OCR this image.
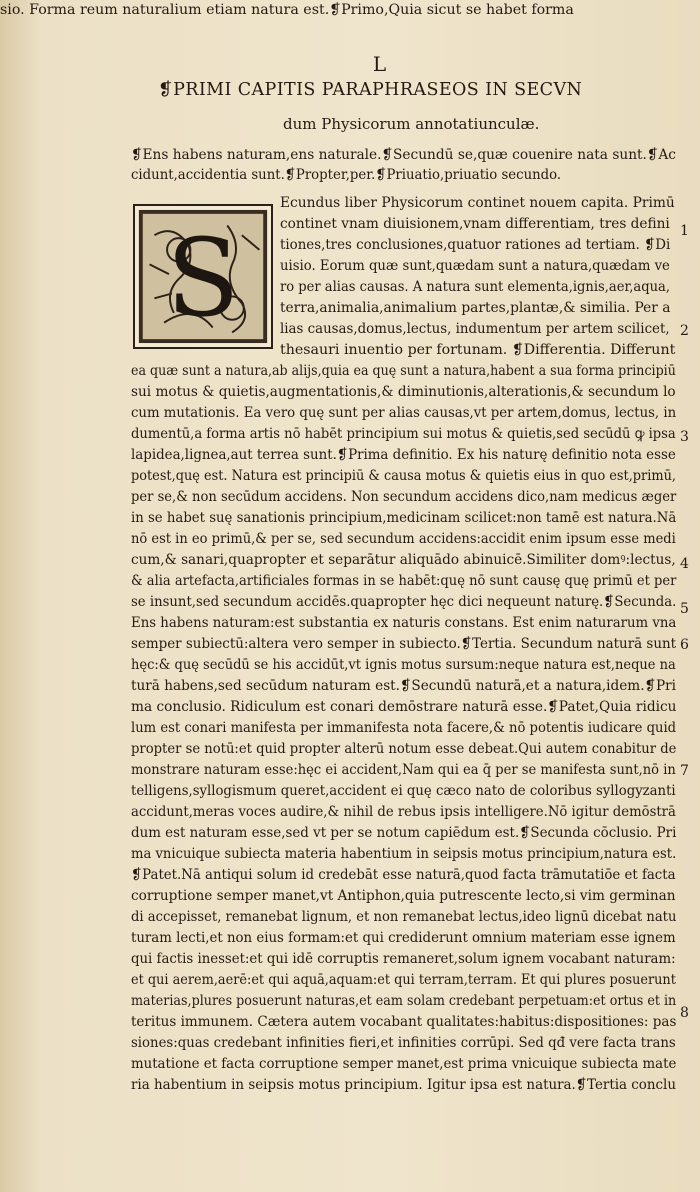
L
❡PRIMI CAPITIS PARAPHRASEOS IN SECVN
dum Physicorum annotatiunculæ.
S
❡Ens habens naturam,ens naturale.❡Secundū se,quæ couenire nata sunt.❡Ac
cidunt,accidentia sunt.❡Propter,per.❡Priuatio,priuatio secundo.
Ecundus liber Physicorum continet nouem capita. Primū
continet vnam diuisionem,vnam differentiam, tres defini
tiones,tres conclusiones,quatuor rationes ad tertiam. ❡Di
uisio. Eorum quæ sunt,quædam sunt a natura,quædam ve
ro per alias causas. A natura sunt elementa,ignis,aer,aqua,
terra,animalia,animalium partes,plantæ,& similia. Per a
lias causas,domus,lectus, indumentum per artem scilicet,
thesauri inuentio per fortunam. ❡Differentia. Differunt
ea quæ sunt a natura,ab alijs,quia ea quę sunt a natura,habent a sua forma principiū
sui motus & quietis,augmentationis,& diminutionis,alterationis,& secundum lo
cum mutationis. Ea vero quę sunt per alias causas,vt per artem,domus, lectus, in
dumentū,a forma artis nō habēt principium sui motus & quietis,sed secūdū ꝙ ipsa
lapidea,lignea,aut terrea sunt.❡Prima definitio. Ex his naturę definitio nota esse
potest,quę est. Natura est principiū & causa motus & quietis eius in quo est,primū,
per se,& non secūdum accidens. Non secundum accidens dico,nam medicus æger
in se habet suę sanationis principium,medicinam scilicet:non tamē est natura.Nā
nō est in eo primū,& per se, sed secundum accidens:accidit enim ipsum esse medi
cum,& sanari,quapropter et separātur aliquādo abinuicē.Similiter domꝰ:lectus,
& alia artefacta,artificiales formas in se habēt:quę nō sunt causę quę primū et per
se insunt,sed secundum accidēs.quapropter hęc dici nequeunt naturę.❡Secunda.
Ens habens naturam:est substantia ex naturis constans. Est enim naturarum vna
semper subiectū:altera vero semper in subiecto.❡Tertia. Secundum naturā sunt
hęc:& quę secūdū se his accidūt,vt ignis motus sursum:neque natura est,neque na
turā habens,sed secūdum naturam est.❡Secundū naturā,et a natura,idem.❡Pri
ma conclusio. Ridiculum est conari demōstrare naturā esse.❡Patet,Quia ridicu
lum est conari manifesta per immanifesta nota facere,& nō potentis iudicare quid
propter se notū:et quid propter alterū notum esse debeat.Qui autem conabitur de
monstrare naturam esse:hęc ei accident,Nam qui ea q̄ per se manifesta sunt,nō in
telligens,syllogismum queret,accident ei quę cæco nato de coloribus syllogyzanti
accidunt,meras voces audire,& nihil de rebus ipsis intelligere.Nō igitur demōstrā
dum est naturam esse,sed vt per se notum capiēdum est.❡Secunda cōclusio. Pri
ma vnicuique subiecta materia habentium in seipsis motus principium,natura est.
❡Patet.Nā antiqui solum id credebāt esse naturā,quod facta trāmutatiōe et facta
corruptione semper manet,vt Antiphon,quia putrescente lecto,si vim germinan
di accepisset, remanebat lignum, et non remanebat lectus,ideo lignū dicebat natu
turam lecti,et non eius formam:et qui crediderunt omnium materiam esse ignem
qui factis inesset:et qui idē corruptis remaneret,solum ignem vocabant naturam:
et qui aerem,aerē:et qui aquā,aquam:et qui terram,terram. Et qui plures posuerunt
materias,plures posuerunt naturas,et eam solam credebant perpetuam:et ortus et in
teritus immunem. Cætera autem vocabant qualitates:habitus:dispositiones: pas
siones:quas credebant infinities fieri,et infinities corrūpi. Sed qđ vere facta trans
mutatione et facta corruptione semper manet,est prima vnicuique subiecta mate
ria habentium in seipsis motus principium. Igitur ipsa est natura.❡Tertia conclu
sio. Forma reum naturalium etiam natura est.❡Primo,Quia sicut se habet forma
1
2
3
4
5
6
7
8
